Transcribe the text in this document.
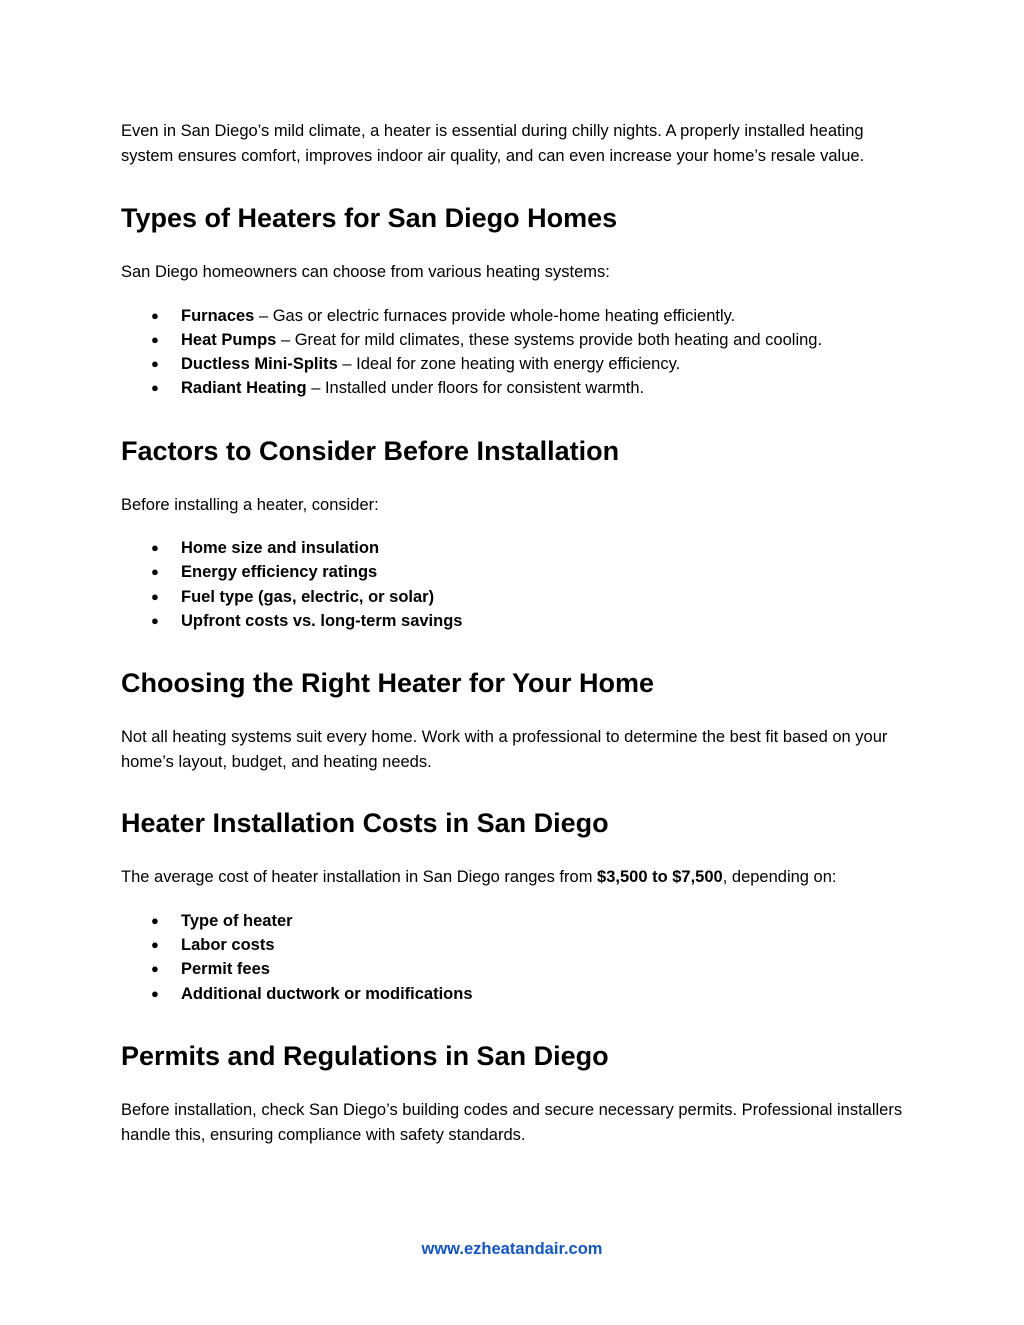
Even in San Diego’s mild climate, a heater is essential during chilly nights. A properly installed heating system ensures comfort, improves indoor air quality, and can even increase your home’s resale value.

Types of Heaters for San Diego Homes

San Diego homeowners can choose from various heating systems:

● Furnaces – Gas or electric furnaces provide whole-home heating efficiently.
● Heat Pumps – Great for mild climates, these systems provide both heating and cooling.
● Ductless Mini-Splits – Ideal for zone heating with energy efficiency.
● Radiant Heating – Installed under floors for consistent warmth.
Factors to Consider Before Installation

Before installing a heater, consider:

● Home size and insulation
● Energy efficiency ratings
● Fuel type (gas, electric, or solar)
● Upfront costs vs. long-term savings
Choosing the Right Heater for Your Home

Not all heating systems suit every home. Work with a professional to determine the best fit based on your home’s layout, budget, and heating needs.

Heater Installation Costs in San Diego

The average cost of heater installation in San Diego ranges from $3,500 to $7,500, depending on:

● Type of heater
● Labor costs
● Permit fees
● Additional ductwork or modifications
Permits and Regulations in San Diego

Before installation, check San Diego’s building codes and secure necessary permits. Professional installers handle this, ensuring compliance with safety standards.

www.ezheatandair.com
